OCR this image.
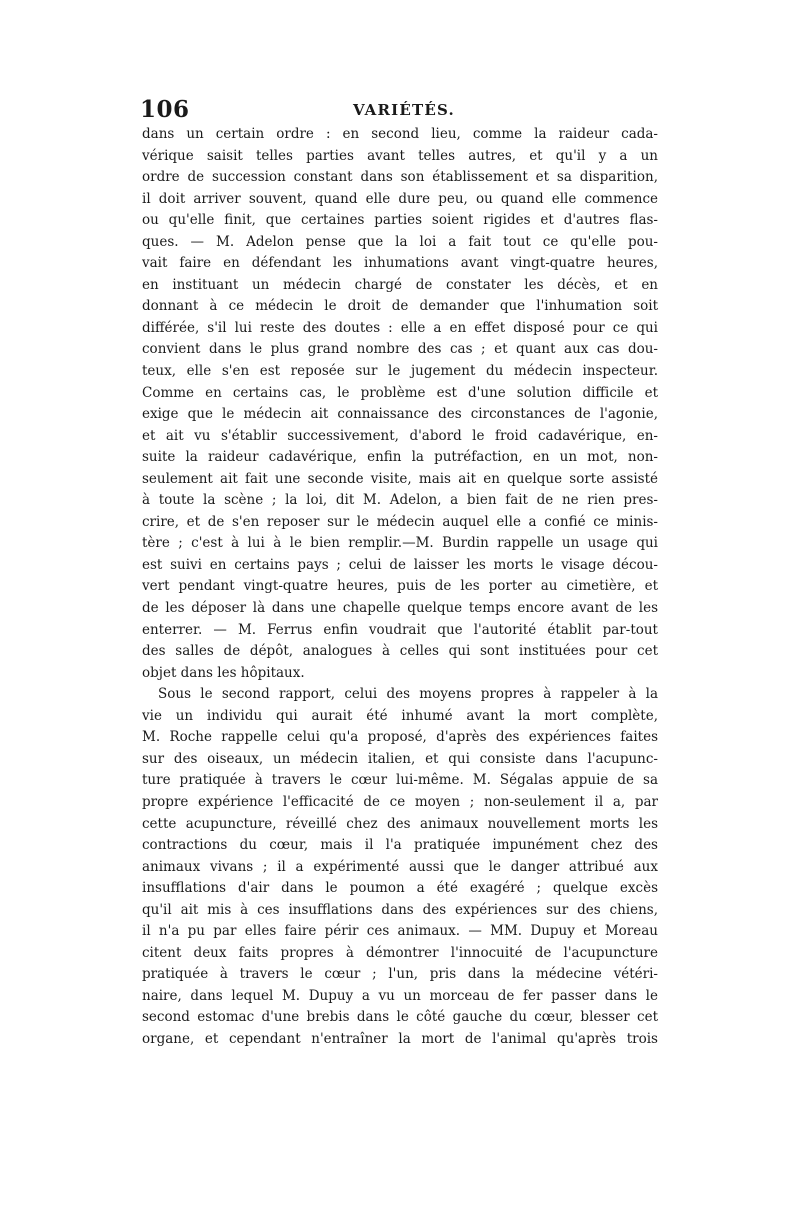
106	VARIÉTÉS.
dans un certain ordre : en second lieu, comme la raideur cada-
vérique saisit telles parties avant telles autres, et qu'il y a un
ordre de succession constant dans son établissement et sa disparition,
il doit arriver souvent, quand elle dure peu, ou quand elle commence
ou qu'elle finit, que certaines parties soient rigides et d'autres flas-
ques. — M. Adelon pense que la loi a fait tout ce qu'elle pou-
vait faire en défendant les inhumations avant vingt-quatre heures,
en instituant un médecin chargé de constater les décès, et en
donnant à ce médecin le droit de demander que l'inhumation soit
différée, s'il lui reste des doutes : elle a en effet disposé pour ce qui
convient dans le plus grand nombre des cas ; et quant aux cas dou-
teux, elle s'en est reposée sur le jugement du médecin inspecteur.
Comme en certains cas, le problème est d'une solution difficile et
exige que le médecin ait connaissance des circonstances de l'agonie,
et ait vu s'établir successivement, d'abord le froid cadavérique, en-
suite la raideur cadavérique, enfin la putréfaction, en un mot, non-
seulement ait fait une seconde visite, mais ait en quelque sorte assisté
à toute la scène ; la loi, dit M. Adelon, a bien fait de ne rien pres-
crire, et de s'en reposer sur le médecin auquel elle a confié ce minis-
tère ; c'est à lui à le bien remplir.—M. Burdin rappelle un usage qui
est suivi en certains pays ; celui de laisser les morts le visage décou-
vert pendant vingt-quatre heures, puis de les porter au cimetière, et
de les déposer là dans une chapelle quelque temps encore avant de les
enterrer. — M. Ferrus enfin voudrait que l'autorité établit par-tout
des salles de dépôt, analogues à celles qui sont instituées pour cet
objet dans les hôpitaux.
Sous le second rapport, celui des moyens propres à rappeler à la
vie un individu qui aurait été inhumé avant la mort complète,
M. Roche rappelle celui qu'a proposé, d'après des expériences faites
sur des oiseaux, un médecin italien, et qui consiste dans l'acupunc-
ture pratiquée à travers le cœur lui-même. M. Ségalas appuie de sa
propre expérience l'efficacité de ce moyen ; non-seulement il a, par
cette acupuncture, réveillé chez des animaux nouvellement morts les
contractions du cœur, mais il l'a pratiquée impunément chez des
animaux vivans ; il a expérimenté aussi que le danger attribué aux
insufflations d'air dans le poumon a été exagéré ; quelque excès
qu'il ait mis à ces insufflations dans des expériences sur des chiens,
il n'a pu par elles faire périr ces animaux. — MM. Dupuy et Moreau
citent deux faits propres à démontrer l'innocuité de l'acupuncture
pratiquée à travers le cœur ; l'un, pris dans la médecine vétéri-
naire, dans lequel M. Dupuy a vu un morceau de fer passer dans le
second estomac d'une brebis dans le côté gauche du cœur, blesser cet
organe, et cependant n'entraîner la mort de l'animal qu'après trois
